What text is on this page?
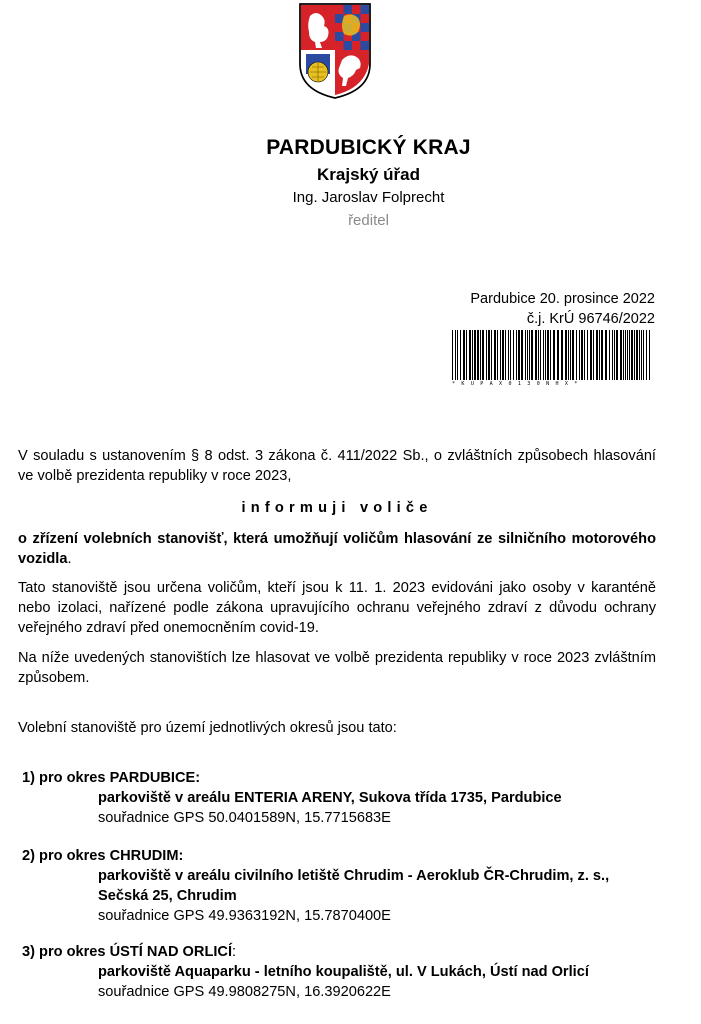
PARDUBICKÝ KRAJ
Krajský úřad
Ing. Jaroslav Folprecht
ředitel
Pardubice 20. prosince 2022
č.j. KrÚ 96746/2022
*KUPAX0130NHX*
V souladu s ustanovením § 8 odst. 3 zákona č. 411/2022 Sb., o zvláštních způsobech hlasování ve volbě prezidenta republiky v roce 2023,
informuji voliče
o zřízení volebních stanovišť, která umožňují voličům hlasování ze silničního motorového vozidla.
Tato stanoviště jsou určena voličům, kteří jsou k 11. 1. 2023 evidováni jako osoby v karanténě nebo izolaci, nařízené podle zákona upravujícího ochranu veřejného zdraví z důvodu ochrany veřejného zdraví před onemocněním covid-19.
Na níže uvedených stanovištích lze hlasovat ve volbě prezidenta republiky v roce 2023 zvláštním způsobem.
Volební stanoviště pro území jednotlivých okresů jsou tato:
1) pro okres PARDUBICE:
parkoviště v areálu ENTERIA ARENY, Sukova třída 1735, Pardubice
souřadnice GPS 50.0401589N, 15.7715683E
2) pro okres CHRUDIM:
parkoviště v areálu civilního letiště Chrudim - Aeroklub ČR-Chrudim, z. s., Sečská 25, Chrudim
souřadnice GPS 49.9363192N, 15.7870400E
3) pro okres ÚSTÍ NAD ORLICÍ:
parkoviště Aquaparku - letního koupaliště, ul. V Lukách, Ústí nad Orlicí
souřadnice GPS 49.9808275N, 16.3920622E
